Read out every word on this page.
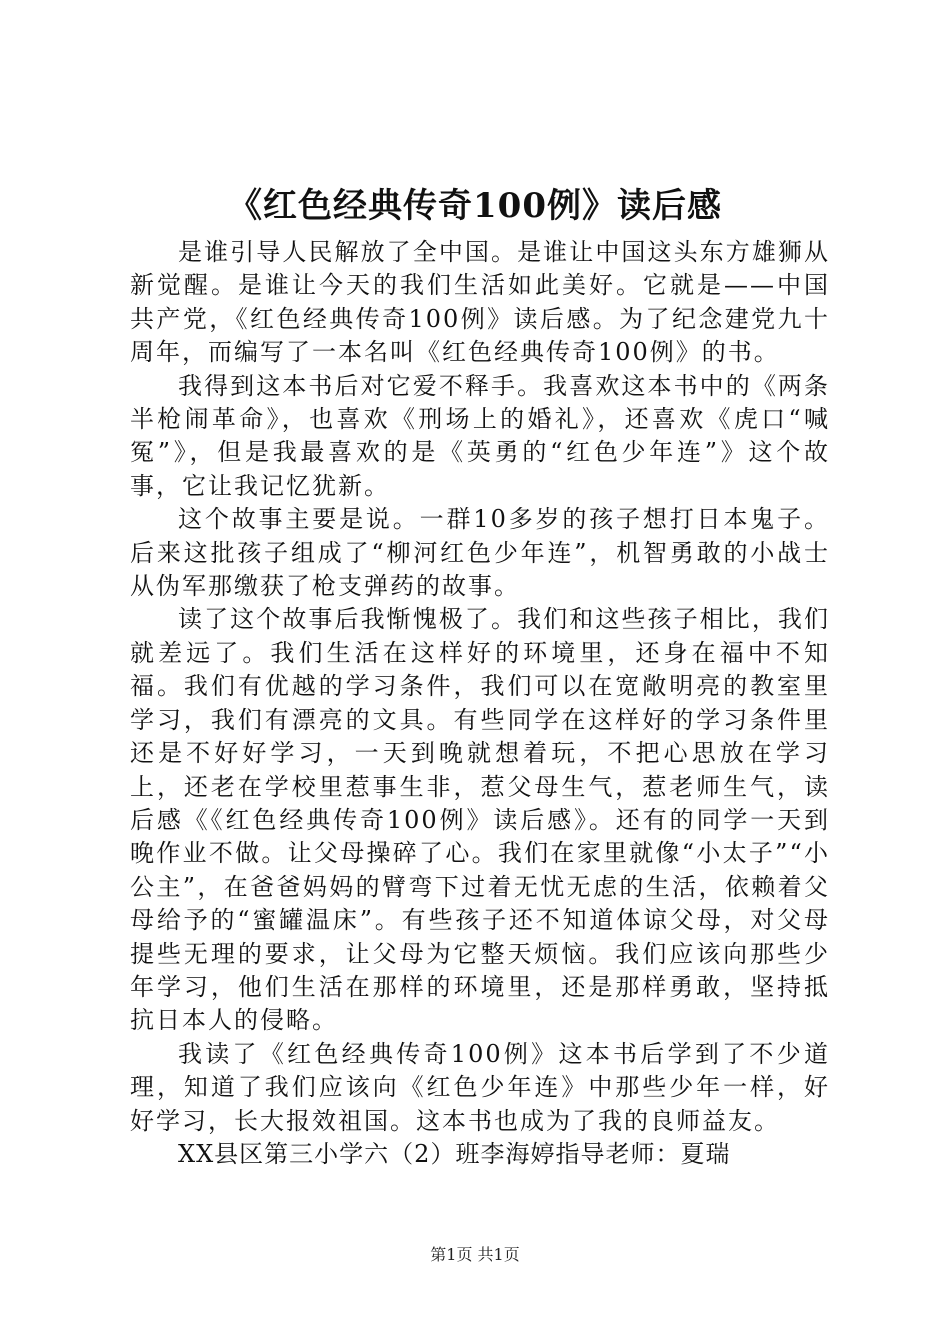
《红色经典传奇100例》读后感

是谁引导人民解放了全中国。是谁让中国这头东方雄狮从新觉醒。是谁让今天的我们生活如此美好。它就是——中国共产党，《红色经典传奇100例》读后感。为了纪念建党九十周年，而编写了一本名叫《红色经典传奇100例》的书。

我得到这本书后对它爱不释手。我喜欢这本书中的《两条半枪闹革命》，也喜欢《刑场上的婚礼》，还喜欢《虎口“喊冤”》，但是我最喜欢的是《英勇的“红色少年连”》这个故事，它让我记忆犹新。

这个故事主要是说。一群10多岁的孩子想打日本鬼子。后来这批孩子组成了“柳河红色少年连”，机智勇敢的小战士从伪军那缴获了枪支弹药的故事。

读了这个故事后我惭愧极了。我们和这些孩子相比，我们就差远了。我们生活在这样好的环境里，还身在福中不知福。我们有优越的学习条件，我们可以在宽敞明亮的教室里学习，我们有漂亮的文具。有些同学在这样好的学习条件里还是不好好学习，一天到晚就想着玩，不把心思放在学习上，还老在学校里惹事生非，惹父母生气，惹老师生气，读后感《《红色经典传奇100例》读后感》。还有的同学一天到晚作业不做。让父母操碎了心。我们在家里就像“小太子”“小公主”，在爸爸妈妈的臂弯下过着无忧无虑的生活，依赖着父母给予的“蜜罐温床”。有些孩子还不知道体谅父母，对父母提些无理的要求，让父母为它整天烦恼。我们应该向那些少年学习，他们生活在那样的环境里，还是那样勇敢，坚持抵抗日本人的侵略。

我读了《红色经典传奇100例》这本书后学到了不少道理，知道了我们应该向《红色少年连》中那些少年一样，好好学习，长大报效祖国。这本书也成为了我的良师益友。

XX县区第三小学六（2）班李海婷指导老师：夏瑞

第1页 共1页
